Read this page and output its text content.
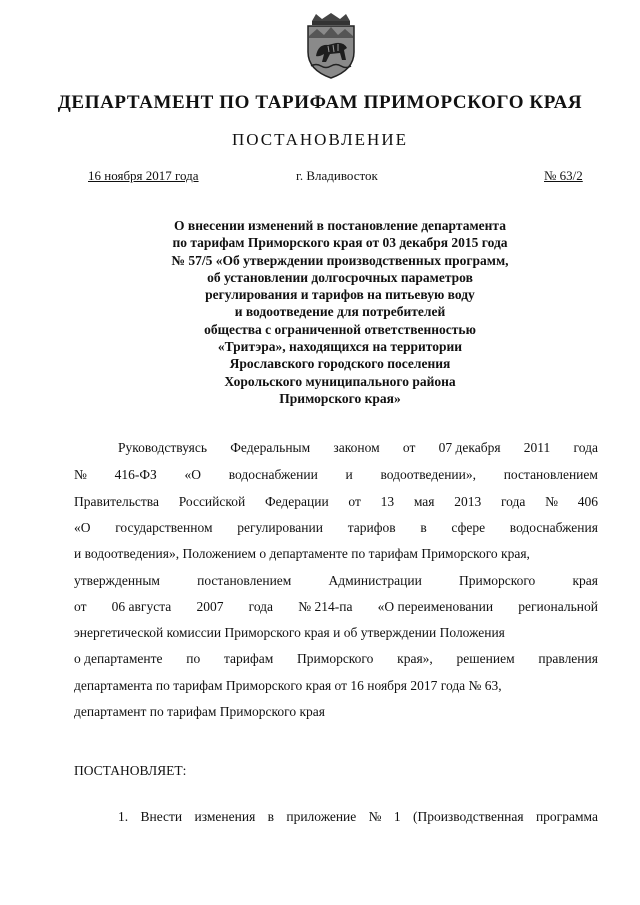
ДЕПАРТАМЕНТ ПО ТАРИФАМ ПРИМОРСКОГО КРАЯ
ПОСТАНОВЛЕНИЕ
16 ноября 2017 года	г. Владивосток	№ 63/2
О внесении изменений в постановление департамента
по тарифам Приморского края от 03 декабря 2015 года
№ 57/5 «Об утверждении производственных программ,
об установлении долгосрочных параметров
регулирования и тарифов на питьевую воду
и водоотведение для потребителей
общества с ограниченной ответственностью
«Тритэра», находящихся на территории
Ярославского городского поселения
Хорольского муниципального района
Приморского края»
Руководствуясь Федеральным законом от 07 декабря 2011 года
№ 416-ФЗ «О водоснабжении и водоотведении», постановлением
Правительства Российской Федерации от 13 мая 2013 года № 406
«О государственном регулировании тарифов в сфере водоснабжения
и водоотведения», Положением о департаменте по тарифам Приморского края,
утвержденным	постановлением	Администрации	Приморского	края
от 06 августа 2007 года № 214-па «О переименовании региональной
энергетической комиссии Приморского края и об утверждении Положения
о департаменте по тарифам Приморского края», решением правления
департамента по тарифам Приморского края от 16 ноября 2017 года № 63,
департамент по тарифам Приморского края
ПОСТАНОВЛЯЕТ:
1. Внести изменения в приложение № 1 (Производственная программа
